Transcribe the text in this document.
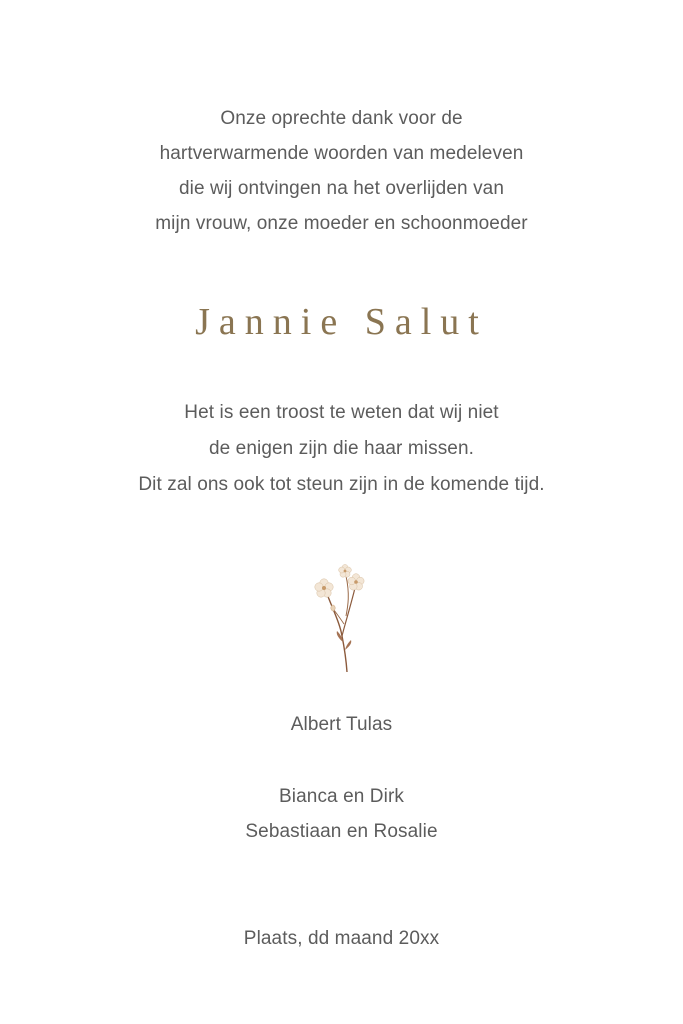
Onze oprechte dank voor de
hartverwarmende woorden van medeleven
die wij ontvingen na het overlijden van
mijn vrouw, onze moeder en schoonmoeder
Jannie Salut
Het is een troost te weten dat wij niet
de enigen zijn die haar missen.
Dit zal ons ook tot steun zijn in de komende tijd.
Albert Tulas
Bianca en Dirk
Sebastiaan en Rosalie
Plaats, dd maand 20xx
